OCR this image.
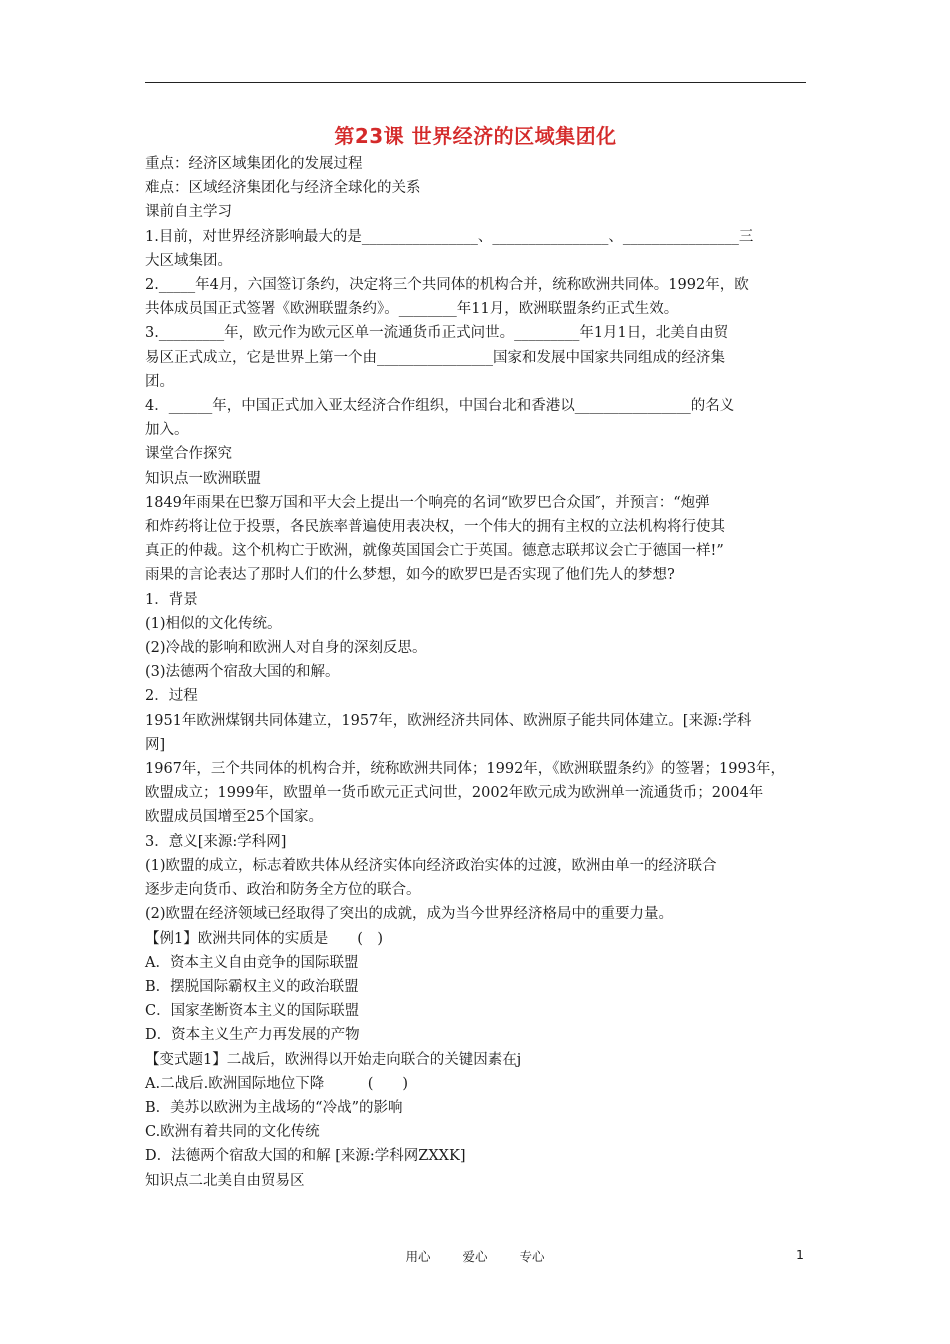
第23课 世界经济的区域集团化

重点：经济区域集团化的发展过程

难点：区域经济集团化与经济全球化的关系

课前自主学习

1.目前，对世界经济影响最大的是________________、________________、________________三

大区域集团。

2._____年4月，六国签订条约，决定将三个共同体的机构合并，统称欧洲共同体。1992年，欧

共体成员国正式签署《欧洲联盟条约》。________年11月，欧洲联盟条约正式生效。

3._________年，欧元作为欧元区单一流通货币正式问世。_________年1月1日，北美自由贸

易区正式成立，它是世界上第一个由________________国家和发展中国家共同组成的经济集

团。

4．______年，中国正式加入亚太经济合作组织，中国台北和香港以________________的名义

加入。

课堂合作探究

知识点一欧洲联盟

1849年雨果在巴黎万国和平大会上提出一个响亮的名词“欧罗巴合众国″，并预言：“炮弹

和炸药将让位于投票，各民族率普遍使用表决权，一个伟大的拥有主权的立法机构将行使其

真正的仲裁。这个机构亡于欧洲，就像英国国会亡于英国。德意志联邦议会亡于德国一样!”

雨果的言论表达了那时人们的什么梦想，如今的欧罗巴是否实现了他们先人的梦想?

1．背景

(1)相似的文化传统。

(2)冷战的影响和欧洲人对自身的深刻反思。

(3)法德两个宿敌大国的和解。

2．过程

1951年欧洲煤钢共同体建立，1957年，欧洲经济共同体、欧洲原子能共同体建立。[来源:学科

网]

1967年，三个共同体的机构合并，统称欧洲共同体；1992年，《欧洲联盟条约》的签署；1993年，

欧盟成立；1999年，欧盟单一货币欧元正式问世，2002年欧元成为欧洲单一流通货币；2004年

欧盟成员国增至25个国家。

3．意义[来源:学科网]

(1)欧盟的成立，标志着欧共体从经济实体向经济政治实体的过渡，欧洲由单一的经济联合

逐步走向货币、政治和防务全方位的联合。

(2)欧盟在经济领域已经取得了突出的成就，成为当今世界经济格局中的重要力量。

【例1】欧洲共同体的实质是　　(　)

A．资本主义自由竞争的国际联盟

B．摆脱国际霸权主义的政治联盟

C．国家垄断资本主义的国际联盟

D．资本主义生产力再发展的产物

【变式题1】二战后，欧洲得以开始走向联合的关键因素在j

A.二战后.欧洲国际地位下降　　　(　　)

B．美苏以欧洲为主战场的“冷战”的影响

C.欧洲有着共同的文化传统

D．法德两个宿敌大国的和解 [来源:学科网ZXXK]

知识点二北美自由贸易区

用心	爱心	专心	1
